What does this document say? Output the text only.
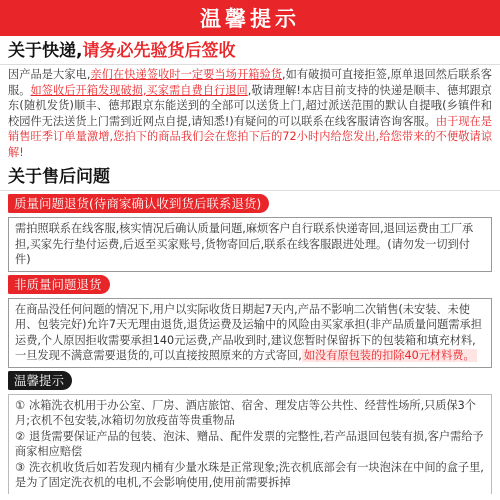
温馨提示
关于快递,请务必先验货后签收
因产品是大家电,亲们在快递签收时一定要当场开箱验货,如有破损可直接拒签,原单退回然后联系客服。如签收后开箱发现破损,买家需自费自行退回,敬请理解!本店目前支持的快递是顺丰、德邦跟京东(随机发货)顺丰、德邦跟京东能送到的全部可以送货上门,超过派送范围的默认自提哦(乡镇件和校园件无法送货上门需到近网点自提,请知悉!)有疑问的可以联系在线客服请咨询客服。由于现在是销售旺季订单量激增,您拍下的商品我们会在您拍下后的72小时内给您发出,给您带来的不便敬请谅解!
关于售后问题
质量问题退货(待商家确认收到货后联系退货)
需拍照联系在线客服,核实情况后确认质量问题,麻烦客户自行联系快递寄回,退回运费由工厂承担,买家先行垫付运费,后返至买家账号,货物寄回后,联系在线客服跟进处理。(请勿发一切到付件)
非质量问题退货
在商品没任何问题的情况下,用户以实际收货日期起7天内,产品不影响二次销售(未安装、未使用、包装完好)允许7天无理由退货,退货运费及运输中的风险由买家承担(非产品质量问题需承担运费,个人原因拒收需要承担140元运费,产品收到时,建议您暂时保留拆下的包装箱和填充材料,一旦发现不满意需要退货的,可以直接按照原来的方式寄回, 如没有原包装的扣除40元材料费。
温馨提示
① 冰箱洗衣机用于办公室、厂房、酒店旅馆、宿舍、理发店等公共性、经营性场所,只质保3个月;衣机不包安装,冰箱切勿放疫苗等贵重物品
② 退货需要保证产品的包装、泡沫、赠品、配件发票的完整性,若产品退回包装有损,客户需给予商家相应赔偿
③ 洗衣机收货后如若发现内桶有少量水珠是正常现象;洗衣机底部会有一块泡沫在中间的盒子里,是为了固定洗衣机的电机,不会影响使用,使用前需要拆掉
